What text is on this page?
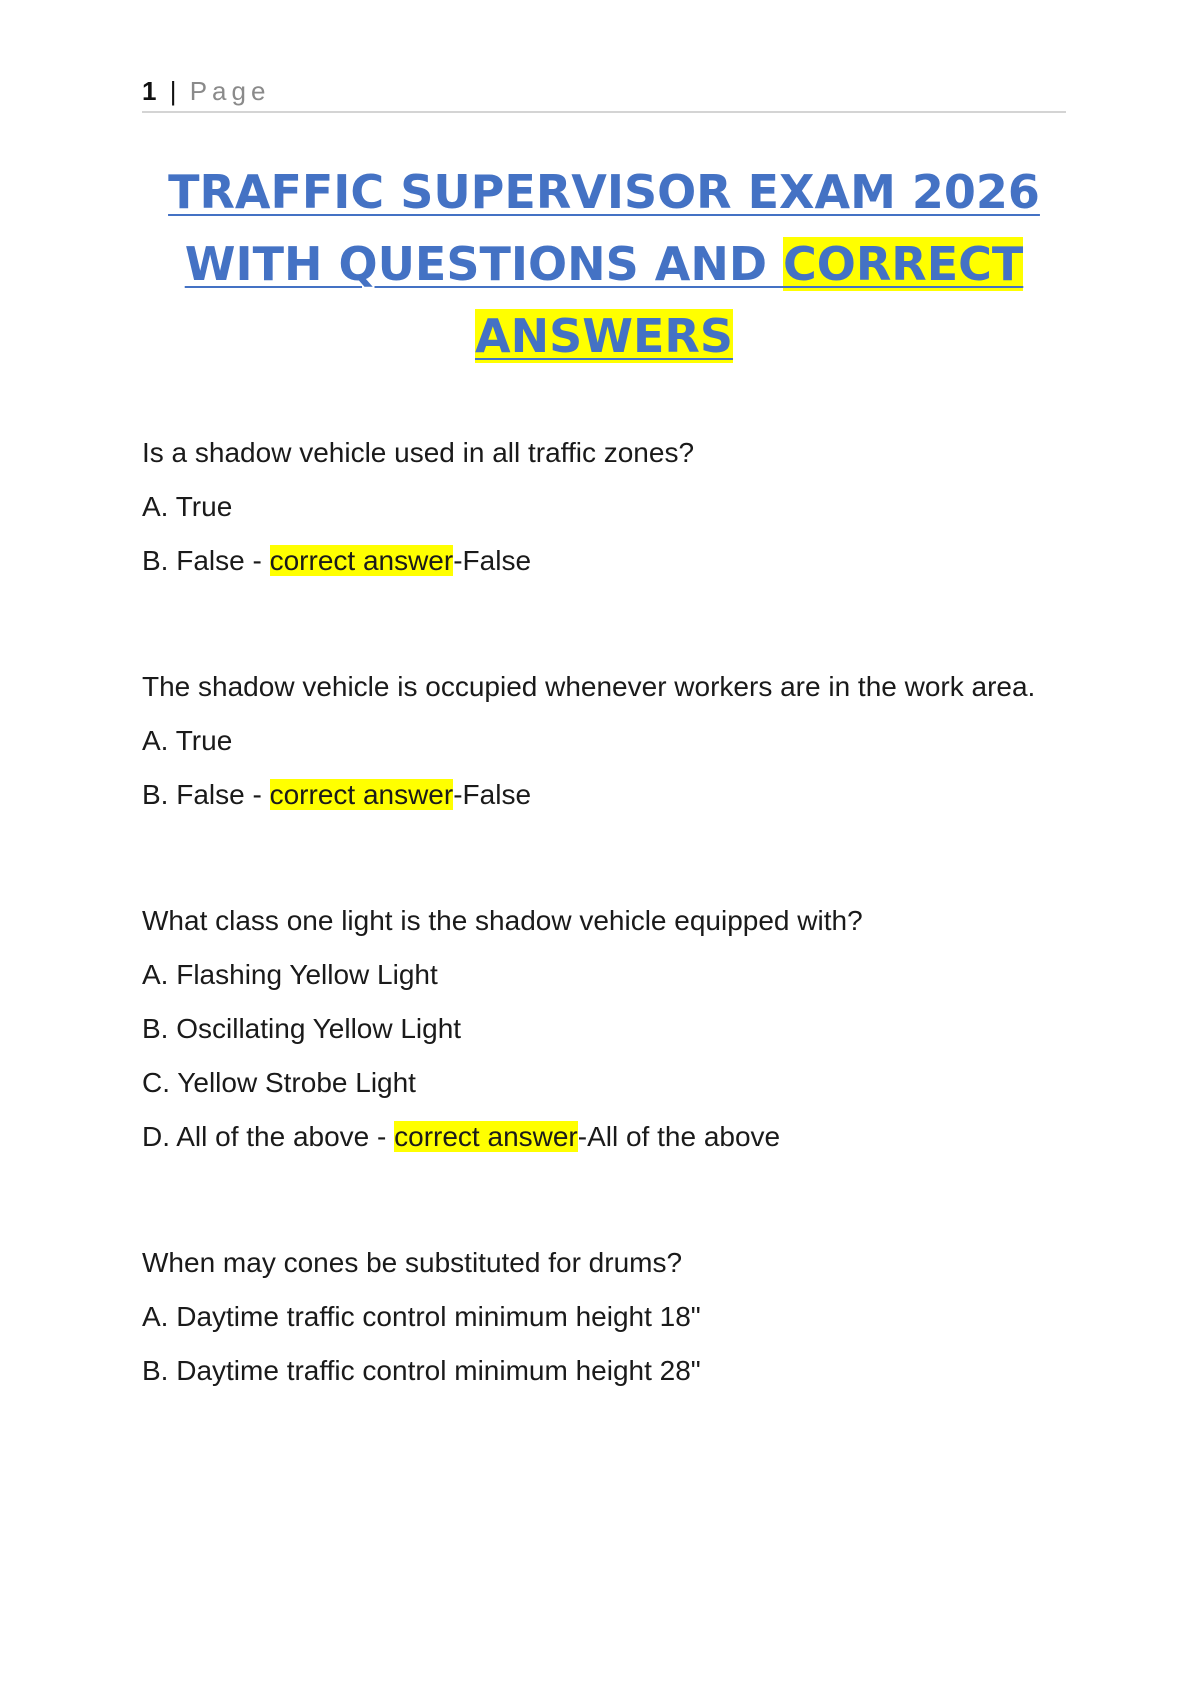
1 | Page
TRAFFIC SUPERVISOR EXAM 2026
WITH QUESTIONS AND CORRECT
ANSWERS
Is a shadow vehicle used in all traffic zones?
A. True
B. False - correct answer-False
The shadow vehicle is occupied whenever workers are in the work area.
A. True
B. False - correct answer-False
What class one light is the shadow vehicle equipped with?
A. Flashing Yellow Light
B. Oscillating Yellow Light
C. Yellow Strobe Light
D. All of the above - correct answer-All of the above
When may cones be substituted for drums?
A. Daytime traffic control minimum height 18"
B. Daytime traffic control minimum height 28"
